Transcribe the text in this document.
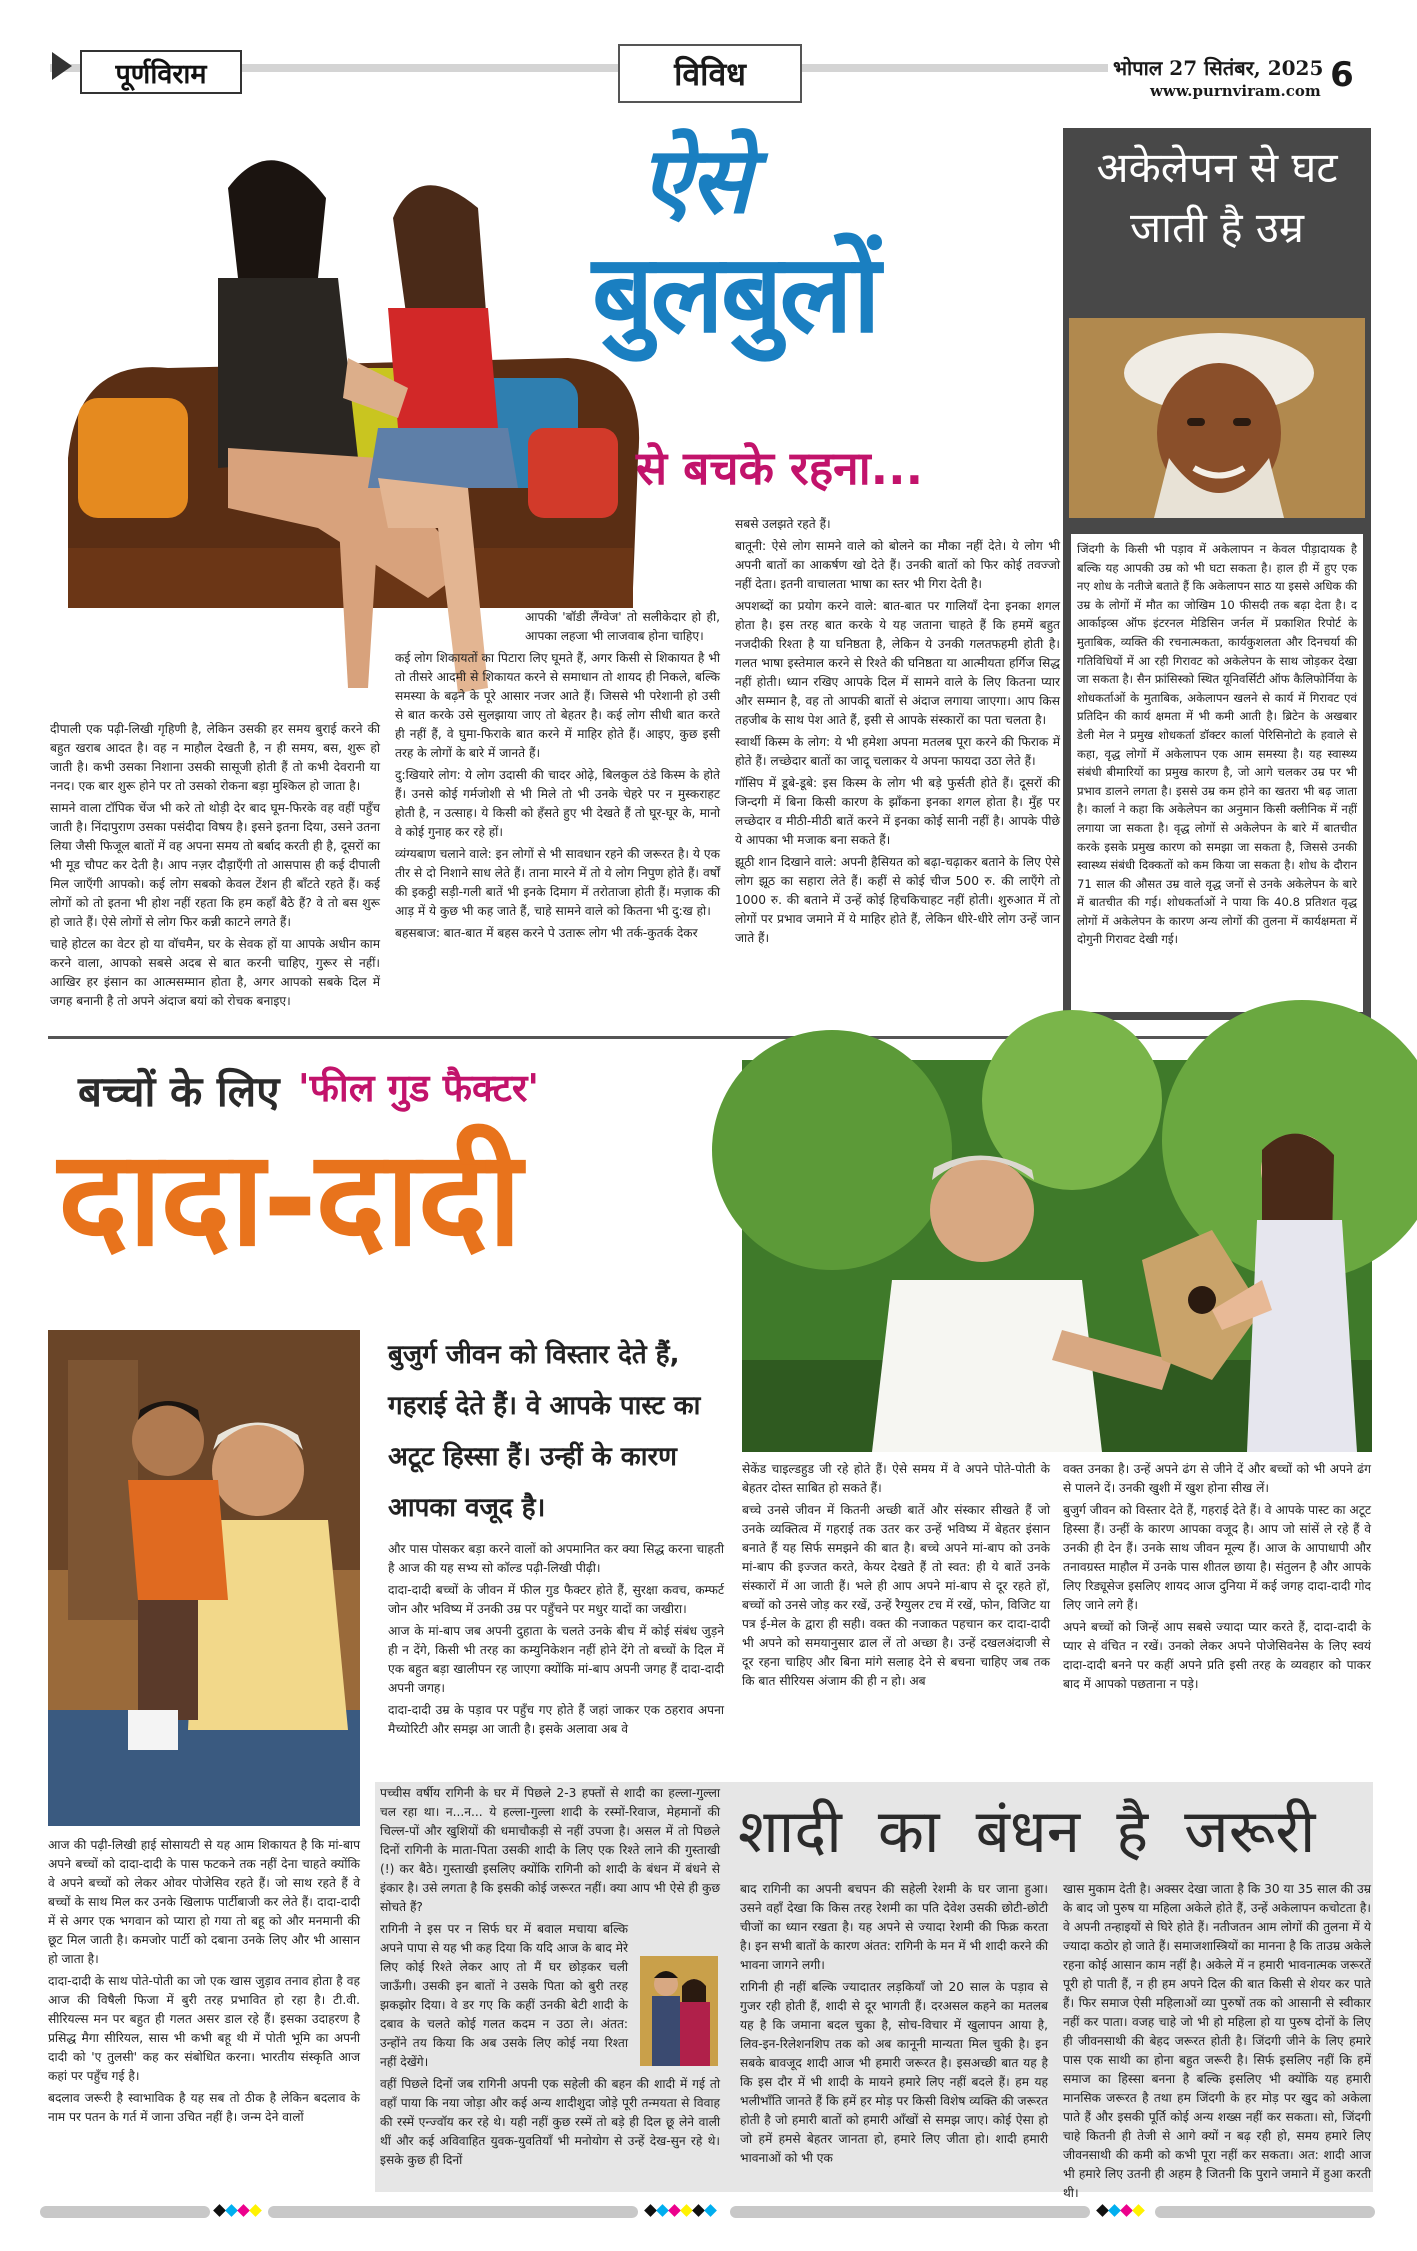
पूर्णविराम	विविध	भोपाल 27 सितंबर, 2025
www.purnviram.com 6
ऐसे
बुलबुलों
से बचके रहना...

दीपाली एक पढ़ी-लिखी गृहिणी है, लेकिन उसकी हर समय बुराई करने की बहुत खराब आदत है। वह न माहौल देखती है, न ही समय, बस, शुरू हो जाती है। कभी उसका निशाना उसकी सासूजी होती हैं तो कभी देवरानी या ननद। एक बार शुरू होने पर तो उसको रोकना बड़ा मुश्किल हो जाता है।

सामने वाला टॉपिक चेंज भी करे तो थोड़ी देर बाद घूम-फिरके वह वहीं पहुँच जाती है। निंदापुराण उसका पसंदीदा विषय है। इसने इतना दिया, उसने उतना लिया जैसी फिजूल बातों में वह अपना समय तो बर्बाद करती ही है, दूसरों का भी मूड चौपट कर देती है। आप नज़र दौड़ाएँगी तो आसपास ही कई दीपाली मिल जाएँगी आपको। कई लोग सबको केवल टेंशन ही बाँटते रहते हैं। कई लोगों को तो इतना भी होश नहीं रहता कि हम कहाँ बैठे हैं? वे तो बस शुरू हो जाते हैं। ऐसे लोगों से लोग फिर कन्नी काटने लगते हैं।

चाहे होटल का वेटर हो या वॉचमैन, घर के सेवक हों या आपके अधीन काम करने वाला, आपको सबसे अदब से बात करनी चाहिए, गुरूर से नहीं। आखिर हर इंसान का आत्मसम्मान होता है, अगर आपको सबके दिल में जगह बनानी है तो अपने अंदाज बयां को रोचक बनाइए।

आपकी 'बॉडी लैंग्वेज' तो सलीकेदार हो ही, आपका लहजा भी लाजवाब होना चाहिए।

कई लोग शिकायतों का पिटारा लिए घूमते हैं, अगर किसी से शिकायत है भी तो तीसरे आदमी से शिकायत करने से समाधान तो शायद ही निकले, बल्कि समस्या के बढ़ने के पूरे आसार नजर आते हैं। जिससे भी परेशानी हो उसी से बात करके उसे सुलझाया जाए तो बेहतर है। कई लोग सीधी बात करते ही नहीं हैं, वे घुमा-फिराके बात करने में माहिर होते हैं। आइए, कुछ इसी तरह के लोगों के बारे में जानते हैं।

दु:खियारे लोग: ये लोग उदासी की चादर ओढ़े, बिलकुल ठंडे किस्म के होते हैं। उनसे कोई गर्मजोशी से भी मिले तो भी उनके चेहरे पर न मुस्कराहट होती है, न उत्साह। ये किसी को हँसते हुए भी देखते हैं तो घूर-घूर के, मानो वे कोई गुनाह कर रहे हों।

व्यंग्यबाण चलाने वाले: इन लोगों से भी सावधान रहने की जरूरत है। ये एक तीर से दो निशाने साध लेते हैं। ताना मारने में तो ये लोग निपुण होते हैं। वर्षों की इकट्ठी सड़ी-गली बातें भी इनके दिमाग में तरोताजा होती हैं। मज़ाक की आड़ में ये कुछ भी कह जाते हैं, चाहे सामने वाले को कितना भी दु:ख हो।

बहसबाज: बात-बात में बहस करने पे उतारू लोग भी तर्क-कुतर्क देकर

सबसे उलझते रहते हैं।

बातूनी: ऐसे लोग सामने वाले को बोलने का मौका नहीं देते। ये लोग भी अपनी बातों का आकर्षण खो देते हैं। उनकी बातों को फिर कोई तवज्जो नहीं देता। इतनी वाचालता भाषा का स्तर भी गिरा देती है।

अपशब्दों का प्रयोग करने वाले: बात-बात पर गालियाँ देना इनका शगल होता है। इस तरह बात करके ये यह जताना चाहते हैं कि हममें बहुत नजदीकी रिश्ता है या घनिष्ठता है, लेकिन ये उनकी गलतफहमी होती है। गलत भाषा इस्तेमाल करने से रिश्ते की घनिष्ठता या आत्मीयता हर्गिज सिद्ध नहीं होती। ध्यान रखिए आपके दिल में सामने वाले के लिए कितना प्यार और सम्मान है, वह तो आपकी बातों से अंदाज लगाया जाएगा। आप किस तहजीब के साथ पेश आते हैं, इसी से आपके संस्कारों का पता चलता है।

स्वार्थी किस्म के लोग: ये भी हमेशा अपना मतलब पूरा करने की फिराक में होते हैं। लच्छेदार बातों का जादू चलाकर ये अपना फायदा उठा लेते हैं।

गॉसिप में डूबे-डूबे: इस किस्म के लोग भी बड़े फुर्सती होते हैं। दूसरों की जिन्दगी में बिना किसी कारण के झाँकना इनका शगल होता है। मुँह पर लच्छेदार व मीठी-मीठी बातें करने में इनका कोई सानी नहीं है। आपके पीछे ये आपका भी मजाक बना सकते हैं।

झूठी शान दिखाने वाले: अपनी हैसियत को बढ़ा-चढ़ाकर बताने के लिए ऐसे लोग झूठ का सहारा लेते हैं। कहीं से कोई चीज 500 रु. की लाएँगे तो 1000 रु. की बताने में उन्हें कोई हिचकिचाहट नहीं होती। शुरुआत में तो लोगों पर प्रभाव जमाने में ये माहिर होते हैं, लेकिन धीरे-धीरे लोग उन्हें जान जाते हैं।

अकेलेपन से घट जाती है उम्र
जिंदगी के किसी भी पड़ाव में अकेलापन न केवल पीड़ादायक है बल्कि यह आपकी उम्र को भी घटा सकता है। हाल ही में हुए एक नए शोध के नतीजे बताते हैं कि अकेलापन साठ या इससे अधिक की उम्र के लोगों में मौत का जोखिम 10 फीसदी तक बढ़ा देता है। द आर्काइव्स ऑफ इंटरनल मेडिसिन जर्नल में प्रकाशित रिपोर्ट के मुताबिक, व्यक्ति की रचनात्मकता, कार्यकुशलता और दिनचर्या की गतिविधियों में आ रही गिरावट को अकेलेपन के साथ जोड़कर देखा जा सकता है। सैन फ्रांसिस्को स्थित यूनिवर्सिटी ऑफ कैलिफोर्निया के शोधकर्ताओं के मुताबिक, अकेलापन खलने से कार्य में गिरावट एवं प्रतिदिन की कार्य क्षमता में भी कमी आती है। ब्रिटेन के अखबार डेली मेल ने प्रमुख शोधकर्ता डॉक्टर कार्ला पेरिसिनोटो के हवाले से कहा, वृद्ध लोगों में अकेलापन एक आम समस्या है। यह स्वास्थ्य संबंधी बीमारियों का प्रमुख कारण है, जो आगे चलकर उम्र पर भी प्रभाव डालने लगता है। इससे उम्र कम होने का खतरा भी बढ़ जाता है। कार्ला ने कहा कि अकेलेपन का अनुमान किसी क्लीनिक में नहीं लगाया जा सकता है। वृद्ध लोगों से अकेलेपन के बारे में बातचीत करके इसके प्रमुख कारण को समझा जा सकता है, जिससे उनकी स्वास्थ्य संबंधी दिक्कतों को कम किया जा सकता है। शोध के दौरान 71 साल की औसत उम्र वाले वृद्ध जनों से उनके अकेलेपन के बारे में बातचीत की गई। शोधकर्ताओं ने पाया कि 40.8 प्रतिशत वृद्ध लोगों में अकेलेपन के कारण अन्य लोगों की तुलना में कार्यक्षमता में दोगुनी गिरावट देखी गई।
बच्चों के लिए 'फील गुड फैक्टर'
दादा-दादी
बुजुर्ग जीवन को विस्तार देते हैं, गहराई देते हैं। वे आपके पास्ट का अटूट हिस्सा हैं। उन्हीं के कारण आपका वजूद है।

और पास पोसकर बड़ा करने वालों को अपमानित कर क्या सिद्ध करना चाहती है आज की यह सभ्य सो कॉल्ड पढ़ी-लिखी पीढ़ी।

दादा-दादी बच्चों के जीवन में फील गुड फैक्टर होते हैं, सुरक्षा कवच, कम्फर्ट जोन और भविष्य में उनकी उम्र पर पहुँचने पर मधुर यादों का जखीरा।

आज के मां-बाप जब अपनी दुहाता के चलते उनके बीच में कोई संबंध जुड़ने ही न देंगे, किसी भी तरह का कम्युनिकेशन नहीं होने देंगे तो बच्चों के दिल में एक बहुत बड़ा खालीपन रह जाएगा क्योंकि मां-बाप अपनी जगह हैं दादा-दादी अपनी जगह।

दादा-दादी उम्र के पड़ाव पर पहुँच गए होते हैं जहां जाकर एक ठहराव अपना मैच्योरिटी और समझ आ जाती है। इसके अलावा अब वे

सेकेंड चाइल्डहुड जी रहे होते हैं। ऐसे समय में वे अपने पोते-पोती के बेहतर दोस्त साबित हो सकते हैं।

बच्चे उनसे जीवन में कितनी अच्छी बातें और संस्कार सीखते हैं जो उनके व्यक्तित्व में गहराई तक उतर कर उन्हें भविष्य में बेहतर इंसान बनाते हैं यह सिर्फ समझने की बात है। बच्चे अपने मां-बाप को उनके मां-बाप की इज्जत करते, केयर देखते हैं तो स्वत: ही ये बातें उनके संस्कारों में आ जाती हैं। भले ही आप अपने मां-बाप से दूर रहते हों, बच्चों को उनसे जोड़ कर रखें, उन्हें रैग्युलर टच में रखें, फोन, विजिट या पत्र ई-मेल के द्वारा ही सही। वक्त की नजाकत पहचान कर दादा-दादी भी अपने को समयानुसार ढाल लें तो अच्छा है। उन्हें दखलअंदाजी से दूर रहना चाहिए और बिना मांगे सलाह देने से बचना चाहिए जब तक कि बात सीरियस अंजाम की ही न हो। अब

वक्त उनका है। उन्हें अपने ढंग से जीने दें और बच्चों को भी अपने ढंग से पालने दें। उनकी खुशी में खुश होना सीख लें।

बुजुर्ग जीवन को विस्तार देते हैं, गहराई देते हैं। वे आपके पास्ट का अटूट हिस्सा हैं। उन्हीं के कारण आपका वजूद है। आप जो सांसें ले रहे हैं वे उनकी ही देन हैं। उनके साथ जीवन मूल्य हैं। आज के आपाधापी और तनावग्रस्त माहौल में उनके पास शीतल छाया है। संतुलन है और आपके लिए रिड्यूसेज इसलिए शायद आज दुनिया में कई जगह दादा-दादी गोद लिए जाने लगे हैं।

अपने बच्चों को जिन्हें आप सबसे ज्यादा प्यार करते हैं, दादा-दादी के प्यार से वंचित न रखें। उनको लेकर अपने पोजेसिवनेस के लिए स्वयं दादा-दादी बनने पर कहीं अपने प्रति इसी तरह के व्यवहार को पाकर बाद में आपको पछताना न पड़े।

आज की पढ़ी-लिखी हाई सोसायटी से यह आम शिकायत है कि मां-बाप अपने बच्चों को दादा-दादी के पास फटकने तक नहीं देना चाहते क्योंकि वे अपने बच्चों को लेकर ओवर पोजेसिव रहते हैं। जो साथ रहते हैं वे बच्चों के साथ मिल कर उनके खिलाफ पार्टीबाजी कर लेते हैं। दादा-दादी में से अगर एक भगवान को प्यारा हो गया तो बहू को और मनमानी की छूट मिल जाती है। कमजोर पार्टी को दबाना उनके लिए और भी आसान हो जाता है।

दादा-दादी के साथ पोते-पोती का जो एक खास जुड़ाव तनाव होता है वह आज की विषैली फिजा में बुरी तरह प्रभावित हो रहा है। टी.वी. सीरियल्स मन पर बहुत ही गलत असर डाल रहे हैं। इसका उदाहरण है प्रसिद्ध मैगा सीरियल, सास भी कभी बहू थी में पोती भूमि का अपनी दादी को 'ए तुलसी' कह कर संबोधित करना। भारतीय संस्कृति आज कहां पर पहुँच गई है।

बदलाव जरूरी है स्वाभाविक है यह सब तो ठीक है लेकिन बदलाव के नाम पर पतन के गर्त में जाना उचित नहीं है। जन्म देने वालों

शादी का बंधन है जरूरी

पच्चीस वर्षीय रागिनी के घर में पिछले 2-3 हफ्तों से शादी का हल्ला-गुल्ला चल रहा था। न...न... ये हल्ला-गुल्ला शादी के रस्मों-रिवाज, मेहमानों की चिल्ल-पों और खुशियों की धमाचौकड़ी से नहीं उपजा है। असल में तो पिछले दिनों रागिनी के माता-पिता उसकी शादी के लिए एक रिश्ते लाने की गुस्ताखी (!) कर बैठे। गुस्ताखी इसलिए क्योंकि रागिनी को शादी के बंधन में बंधने से इंकार है। उसे लगता है कि इसकी कोई जरूरत नहीं। क्या आप भी ऐसे ही कुछ सोचते हैं?

रागिनी ने इस पर न सिर्फ घर में बवाल मचाया बल्कि अपने पापा से यह भी कह दिया कि यदि आज के बाद मेरे लिए कोई रिश्ते लेकर आए तो मैं घर छोड़कर चली जाऊँगी। उसकी इन बातों ने उसके पिता को बुरी तरह झकझोर दिया। वे डर गए कि कहीं उनकी बेटी शादी के दबाव के चलते कोई गलत कदम न उठा ले। अंतत: उन्होंने तय किया कि अब उसके लिए कोई नया रिश्ता नहीं देखेंगे।

वहीं पिछले दिनों जब रागिनी अपनी एक सहेली की बहन की शादी में गई तो वहाँ पाया कि नया जोड़ा और कई अन्य शादीशुदा जोड़े पूरी तन्मयता से विवाह की रस्में एन्ज्वॉय कर रहे थे। यही नहीं कुछ रस्में तो बड़े ही दिल छू लेने वाली थीं और कई अविवाहित युवक-युवतियाँ भी मनोयोग से उन्हें देख-सुन रहे थे। इसके कुछ ही दिनों

बाद रागिनी का अपनी बचपन की सहेली रेशमी के घर जाना हुआ। उसने वहाँ देखा कि किस तरह रेशमी का पति देवेश उसकी छोटी-छोटी चीजों का ध्यान रखता है। यह अपने से ज्यादा रेशमी की फिक्र करता है। इन सभी बातों के कारण अंतत: रागिनी के मन में भी शादी करने की भावना जागने लगी।

रागिनी ही नहीं बल्कि ज्यादातर लड़कियाँ जो 20 साल के पड़ाव से गुजर रही होती हैं, शादी से दूर भागती हैं। दरअसल कहने का मतलब यह है कि जमाना बदल चुका है, सोच-विचार में खुलापन आया है, लिव-इन-रिलेशनशिप तक को अब कानूनी मान्यता मिल चुकी है। इन सबके बावजूद शादी आज भी हमारी जरूरत है। इसअच्छी बात यह है कि इस दौर में भी शादी के मायने हमारे लिए नहीं बदले हैं। हम यह भलीभाँति जानते हैं कि हमें हर मोड़ पर किसी विशेष व्यक्ति की जरूरत होती है जो हमारी बातों को हमारी आँखों से समझ जाए। कोई ऐसा हो जो हमें हमसे बेहतर जानता हो, हमारे लिए जीता हो। शादी हमारी भावनाओं को भी एक

खास मुकाम देती है। अक्सर देखा जाता है कि 30 या 35 साल की उम्र के बाद जो पुरुष या महिला अकेले होते हैं, उन्हें अकेलापन कचोटता है। वे अपनी तन्हाइयों से घिरे होते हैं। नतीजतन आम लोगों की तुलना में ये ज्यादा कठोर हो जाते हैं। समाजशास्त्रियों का मानना है कि ताउम्र अकेले रहना कोई आसान काम नहीं है। अकेले में न हमारी भावनात्मक जरूरतें पूरी हो पाती हैं, न ही हम अपने दिल की बात किसी से शेयर कर पाते हैं। फिर समाज ऐसी महिलाओं व्या पुरुषों तक को आसानी से स्वीकार नहीं कर पाता। वजह चाहे जो भी हो महिला हो या पुरुष दोनों के लिए ही जीवनसाथी की बेहद जरूरत होती है। जिंदगी जीने के लिए हमारे पास एक साथी का होना बहुत जरूरी है। सिर्फ इसलिए नहीं कि हमें समाज का हिस्सा बनना है बल्कि इसलिए भी क्योंकि यह हमारी मानसिक जरूरत है तथा हम जिंदगी के हर मोड़ पर खुद को अकेला पाते हैं और इसकी पूर्ति कोई अन्य शख्स नहीं कर सकता। सो, जिंदगी चाहे कितनी ही तेजी से आगे क्यों न बढ़ रही हो, समय हमारे लिए जीवनसाथी की कमी को कभी पूरा नहीं कर सकता। अत: शादी आज भी हमारे लिए उतनी ही अहम है जितनी कि पुराने जमाने में हुआ करती थी।
